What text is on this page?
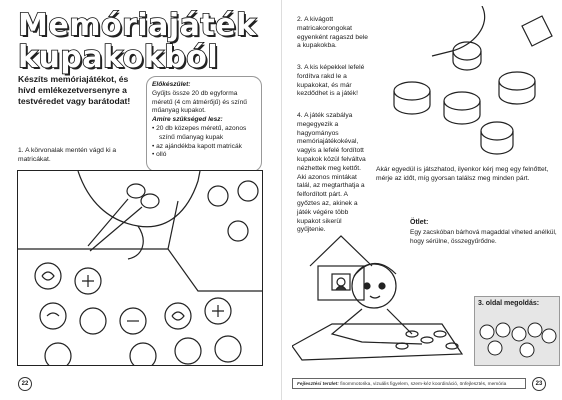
Memóriajáték
kupakokból
Készíts memóriajátékot, és hívd emlékezetversenyre a testvéredet vagy barátodat!
Előkészület:
Gyűjts össze 20 db egyforma méretű (4 cm átmérőjű) és színű műanyag kupakot.
Amire szükséged lesz:
• 20 db közepes méretű, azonos színű műanyag kupak
• az ajándékba kapott matricák
• olló
1. A körvonalak mentén vágd ki a matricákat.
22
2. A kivágott matricakorongokat egyenként ragaszd bele a kupakokba.
3. A kis képekkel lefelé fordítva rakd le a kupakokat, és már kezdődhet is a játék!
4. A játék szabálya megegyezik a hagyományos memóriajátékokéval, vagyis a lefelé fordított kupakok közül felváltva nézhettek meg kettőt. Aki azonos mintákat talál, az megtarthatja a felfordított párt. A győztes az, akinek a játék végére több kupakot sikerül gyűjtenie.
Akár egyedül is játszhatod, ilyenkor kérj meg egy felnőttet, mérje az időt, míg gyorsan találsz meg minden párt.
Ötlet:
Egy zacskóban bárhová magaddal viheted anélkül, hogy sérülne, összegyűrődne.
3. oldal megoldás:
Fejlesztési terület: finommotorika, vizuális figyelem, szem-kéz koordináció, önfejlesztés, memória	23
